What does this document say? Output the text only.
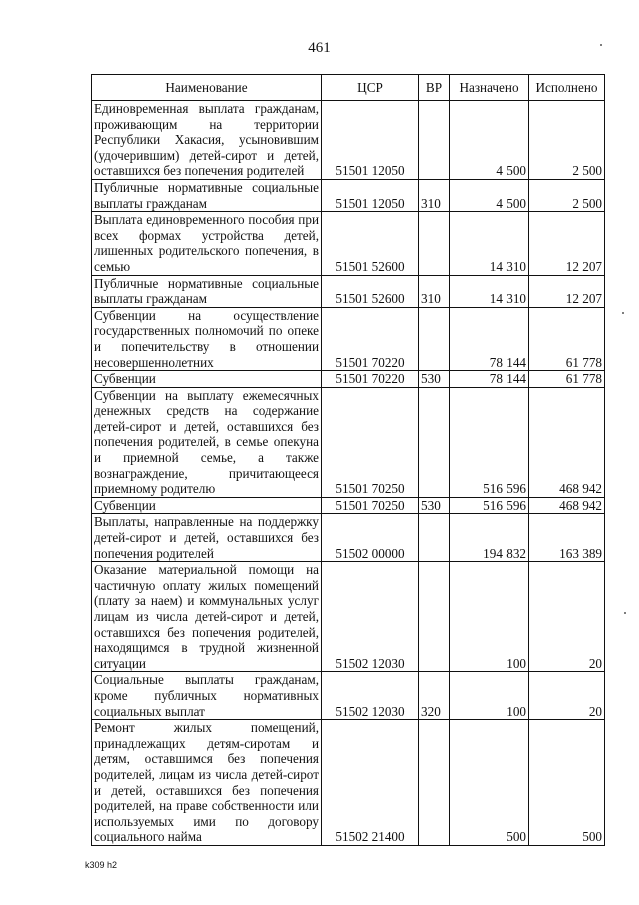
461
Наименование	ЦСР	ВР	Назначено	Исполнено
Единовременная выплата гражданам, проживающим на территории Республики Хакасия, усыновившим (удочерившим) детей-сирот и детей, оставшихся без попечения родителей	51501 12050		4 500	2 500
Публичные нормативные социальные выплаты гражданам	51501 12050	310	4 500	2 500
Выплата единовременного пособия при всех формах устройства детей, лишенных родительского попечения, в семью	51501 52600		14 310	12 207
Публичные нормативные социальные выплаты гражданам	51501 52600	310	14 310	12 207
Субвенции на осуществление государственных полномочий по опеке и попечительству в отношении несовершеннолетних	51501 70220		78 144	61 778
Субвенции	51501 70220	530	78 144	61 778
Субвенции на выплату ежемесячных денежных средств на содержание детей-сирот и детей, оставшихся без попечения родителей, в семье опекуна и приемной семье, а также вознаграждение, причитающееся приемному родителю	51501 70250		516 596	468 942
Субвенции	51501 70250	530	516 596	468 942
Выплаты, направленные на поддержку детей-сирот и детей, оставшихся без попечения родителей	51502 00000		194 832	163 389
Оказание материальной помощи на частичную оплату жилых помещений (плату за наем) и коммунальных услуг лицам из числа детей-сирот и детей, оставшихся без попечения родителей, находящимся в трудной жизненной ситуации	51502 12030		100	20
Социальные выплаты гражданам, кроме публичных нормативных социальных выплат	51502 12030	320	100	20
Ремонт жилых помещений, принадлежащих детям-сиротам и детям, оставшимся без попечения родителей, лицам из числа детей-сирот и детей, оставшихся без попечения родителей, на праве собственности или используемых ими по договору социального найма	51502 21400		500	500
k309 h2
